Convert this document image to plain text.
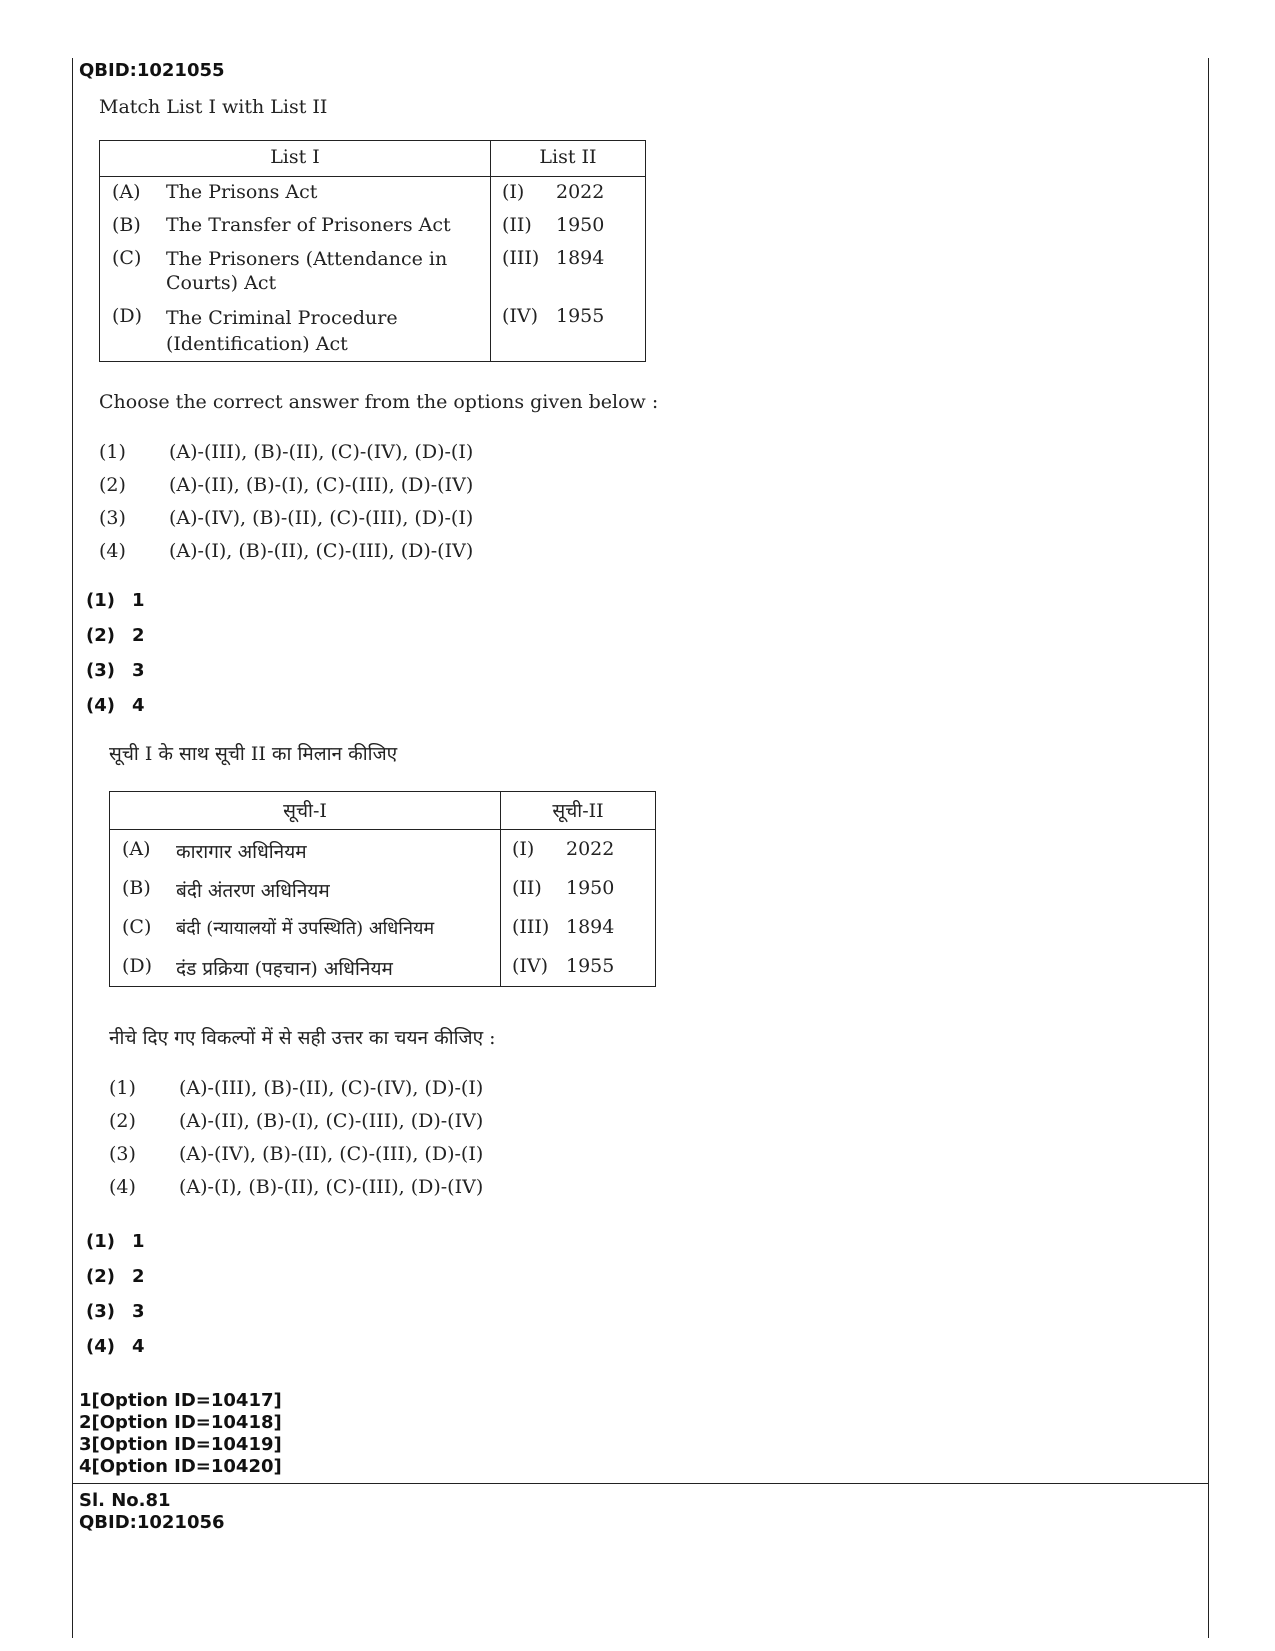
QBID:1021055
Match List I with List II
List I	List II

(A) The Prisons Act	(I) 2022

(B) The Transfer of Prisoners Act	(II) 1950

(C) The Prisoners (Attendance in Courts) Act	(III) 1894

(D) The Criminal Procedure (Identification) Act	(IV) 1955
Choose the correct answer from the options given below :
(1) (A)-(III), (B)-(II), (C)-(IV), (D)-(I)
(2) (A)-(II), (B)-(I), (C)-(III), (D)-(IV)
(3) (A)-(IV), (B)-(II), (C)-(III), (D)-(I)
(4) (A)-(I), (B)-(II), (C)-(III), (D)-(IV)
(1) 1
(2) 2
(3) 3
(4) 4
सूची I के साथ सूची II का मिलान कीजिए
सूची-I	सूची-II

(A) कारागार अधिनियम	(I) 2022

(B) बंदी अंतरण अधिनियम	(II) 1950

(C) बंदी (न्यायालयों में उपस्थिति) अधिनियम	(III) 1894

(D) दंड प्रक्रिया (पहचान) अधिनियम	(IV) 1955
नीचे दिए गए विकल्पों में से सही उत्तर का चयन कीजिए :
(1) (A)-(III), (B)-(II), (C)-(IV), (D)-(I)
(2) (A)-(II), (B)-(I), (C)-(III), (D)-(IV)
(3) (A)-(IV), (B)-(II), (C)-(III), (D)-(I)
(4) (A)-(I), (B)-(II), (C)-(III), (D)-(IV)
(1) 1
(2) 2
(3) 3
(4) 4
1[Option ID=10417]
2[Option ID=10418]
3[Option ID=10419]
4[Option ID=10420]
Sl. No.81
QBID:1021056
